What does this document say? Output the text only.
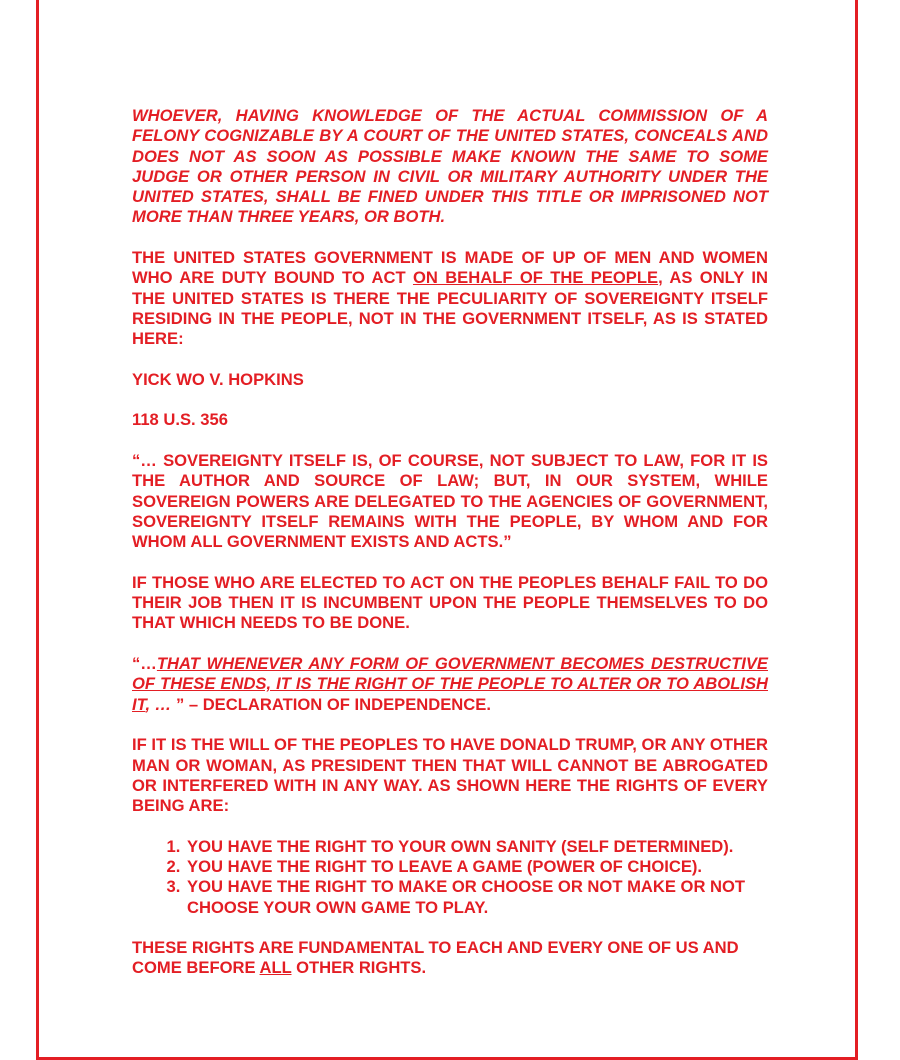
WHOEVER, HAVING KNOWLEDGE OF THE ACTUAL COMMISSION OF A FELONY COGNIZABLE BY A COURT OF THE UNITED STATES, CONCEALS AND DOES NOT AS SOON AS POSSIBLE MAKE KNOWN THE SAME TO SOME JUDGE OR OTHER PERSON IN CIVIL OR MILITARY AUTHORITY UNDER THE UNITED STATES, SHALL BE FINED UNDER THIS TITLE OR IMPRISONED NOT MORE THAN THREE YEARS, OR BOTH.

THE UNITED STATES GOVERNMENT IS MADE OF UP OF MEN AND WOMEN WHO ARE DUTY BOUND TO ACT ON BEHALF OF THE PEOPLE, AS ONLY IN THE UNITED STATES IS THERE THE PECULIARITY OF SOVEREIGNTY ITSELF RESIDING IN THE PEOPLE, NOT IN THE GOVERNMENT ITSELF, AS IS STATED HERE:

YICK WO V. HOPKINS

118 U.S. 356

“… SOVEREIGNTY ITSELF IS, OF COURSE, NOT SUBJECT TO LAW, FOR IT IS THE AUTHOR AND SOURCE OF LAW; BUT, IN OUR SYSTEM, WHILE SOVEREIGN POWERS ARE DELEGATED TO THE AGENCIES OF GOVERNMENT, SOVEREIGNTY ITSELF REMAINS WITH THE PEOPLE, BY WHOM AND FOR WHOM ALL GOVERNMENT EXISTS AND ACTS.”

IF THOSE WHO ARE ELECTED TO ACT ON THE PEOPLES BEHALF FAIL TO DO THEIR JOB THEN IT IS INCUMBENT UPON THE PEOPLE THEMSELVES TO DO THAT WHICH NEEDS TO BE DONE.

“…THAT WHENEVER ANY FORM OF GOVERNMENT BECOMES DESTRUCTIVE OF THESE ENDS, IT IS THE RIGHT OF THE PEOPLE TO ALTER OR TO ABOLISH IT, … ” – DECLARATION OF INDEPENDENCE.

IF IT IS THE WILL OF THE PEOPLES TO HAVE DONALD TRUMP, OR ANY OTHER MAN OR WOMAN, AS PRESIDENT THEN THAT WILL CANNOT BE ABROGATED OR INTERFERED WITH IN ANY WAY. AS SHOWN HERE THE RIGHTS OF EVERY BEING ARE:

1. YOU HAVE THE RIGHT TO YOUR OWN SANITY (SELF DETERMINED).
2. YOU HAVE THE RIGHT TO LEAVE A GAME (POWER OF CHOICE).
3. YOU HAVE THE RIGHT TO MAKE OR CHOOSE OR NOT MAKE OR NOT CHOOSE YOUR OWN GAME TO PLAY.

THESE RIGHTS ARE FUNDAMENTAL TO EACH AND EVERY ONE OF US AND COME BEFORE ALL OTHER RIGHTS.
